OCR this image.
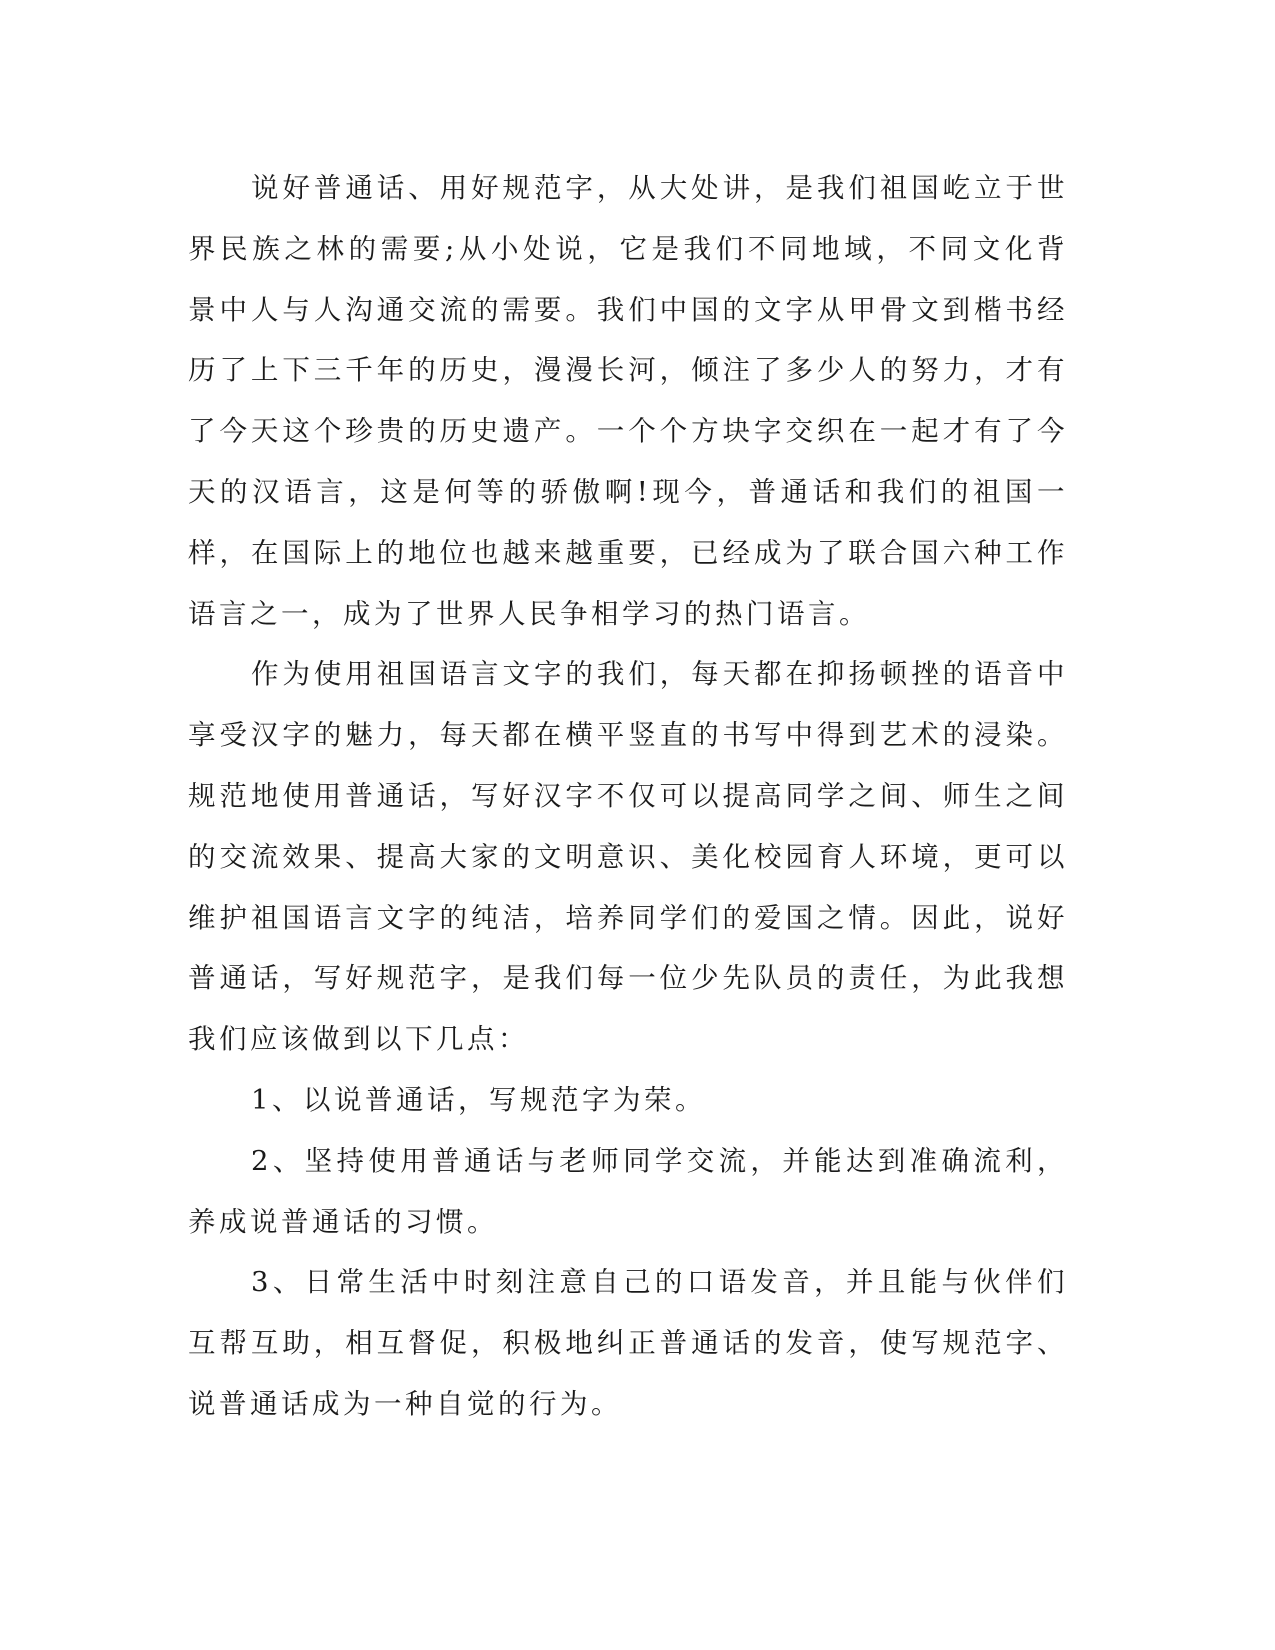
说好普通话、用好规范字，从大处讲，是我们祖国屹立于世界民族之林的需要;从小处说，它是我们不同地域，不同文化背景中人与人沟通交流的需要。我们中国的文字从甲骨文到楷书经历了上下三千年的历史，漫漫长河，倾注了多少人的努力，才有了今天这个珍贵的历史遗产。一个个方块字交织在一起才有了今天的汉语言，这是何等的骄傲啊!现今，普通话和我们的祖国一样，在国际上的地位也越来越重要，已经成为了联合国六种工作语言之一，成为了世界人民争相学习的热门语言。

作为使用祖国语言文字的我们，每天都在抑扬顿挫的语音中享受汉字的魅力，每天都在横平竖直的书写中得到艺术的浸染。规范地使用普通话，写好汉字不仅可以提高同学之间、师生之间的交流效果、提高大家的文明意识、美化校园育人环境，更可以维护祖国语言文字的纯洁，培养同学们的爱国之情。因此，说好普通话，写好规范字，是我们每一位少先队员的责任，为此我想我们应该做到以下几点：

1、以说普通话，写规范字为荣。

2、坚持使用普通话与老师同学交流，并能达到准确流利，养成说普通话的习惯。

3、日常生活中时刻注意自己的口语发音，并且能与伙伴们互帮互助，相互督促，积极地纠正普通话的发音，使写规范字、说普通话成为一种自觉的行为。
